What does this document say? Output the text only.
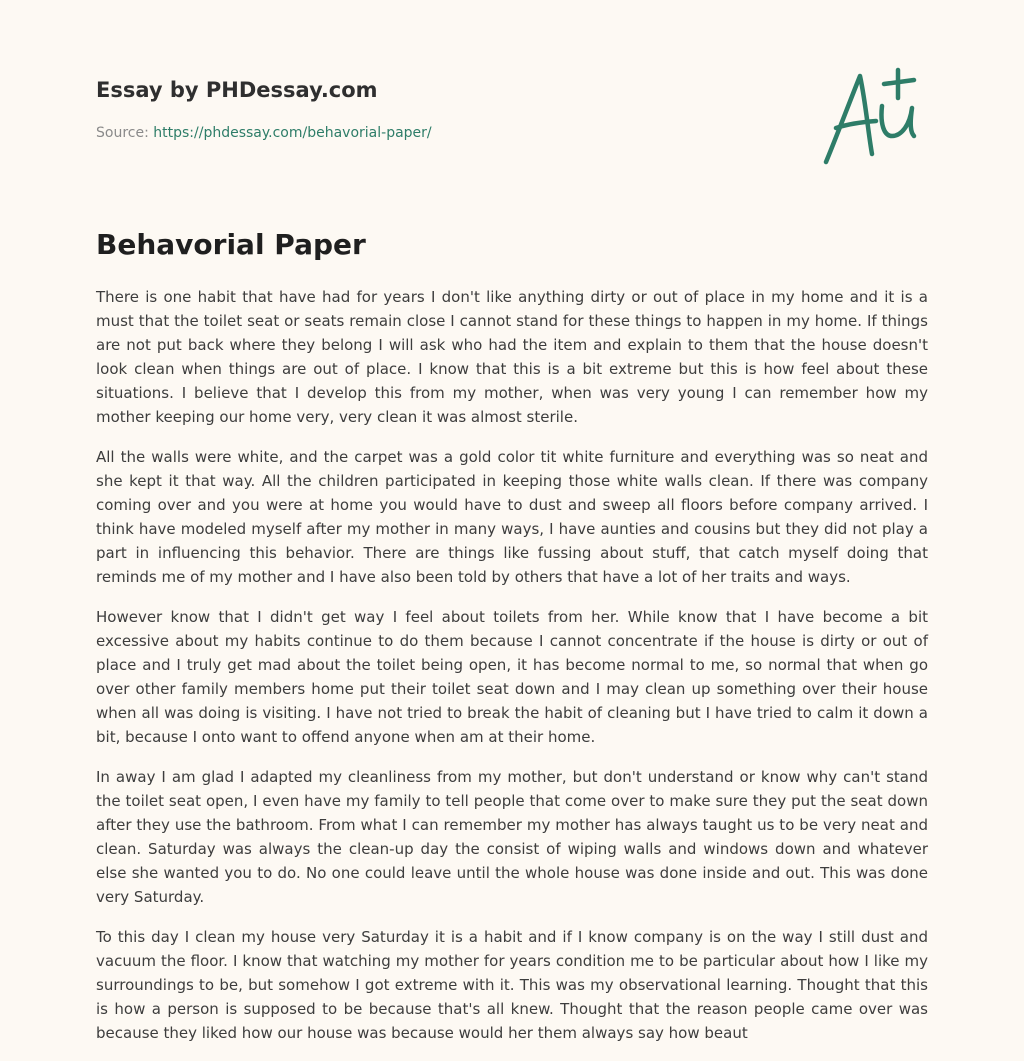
Essay by PHDessay.com
Source: https://phdessay.com/behavorial-paper/
Behavorial Paper

There is one habit that have had for years I don't like anything dirty or out of place in my home and it is a must that the toilet seat or seats remain close I cannot stand for these things to happen in my home. If things are not put back where they belong I will ask who had the item and explain to them that the house doesn't look clean when things are out of place. I know that this is a bit extreme but this is how feel about these situations. I believe that I develop this from my mother, when was very young I can remember how my mother keeping our home very, very clean it was almost sterile.

All the walls were white, and the carpet was a gold color tit white furniture and everything was so neat and she kept it that way. All the children participated in keeping those white walls clean. If there was company coming over and you were at home you would have to dust and sweep all floors before company arrived. I think have modeled myself after my mother in many ways, I have aunties and cousins but they did not play a part in influencing this behavior. There are things like fussing about stuff, that catch myself doing that reminds me of my mother and I have also been told by others that have a lot of her traits and ways.

However know that I didn't get way I feel about toilets from her. While know that I have become a bit excessive about my habits continue to do them because I cannot concentrate if the house is dirty or out of place and I truly get mad about the toilet being open, it has become normal to me, so normal that when go over other family members home put their toilet seat down and I may clean up something over their house when all was doing is visiting. I have not tried to break the habit of cleaning but I have tried to calm it down a bit, because I onto want to offend anyone when am at their home.

In away I am glad I adapted my cleanliness from my mother, but don't understand or know why can't stand the toilet seat open, I even have my family to tell people that come over to make sure they put the seat down after they use the bathroom. From what I can remember my mother has always taught us to be very neat and clean. Saturday was always the clean-up day the consist of wiping walls and windows down and whatever else she wanted you to do. No one could leave until the whole house was done inside and out. This was done very Saturday.

To this day I clean my house very Saturday it is a habit and if I know company is on the way I still dust and vacuum the floor. I know that watching my mother for years condition me to be particular about how I like my surroundings to be, but somehow I got extreme with it. This was my observational learning. Thought that this is how a person is supposed to be because that's all knew. Thought that the reason people came over was because they liked how our house was because would her them always say how beaut
